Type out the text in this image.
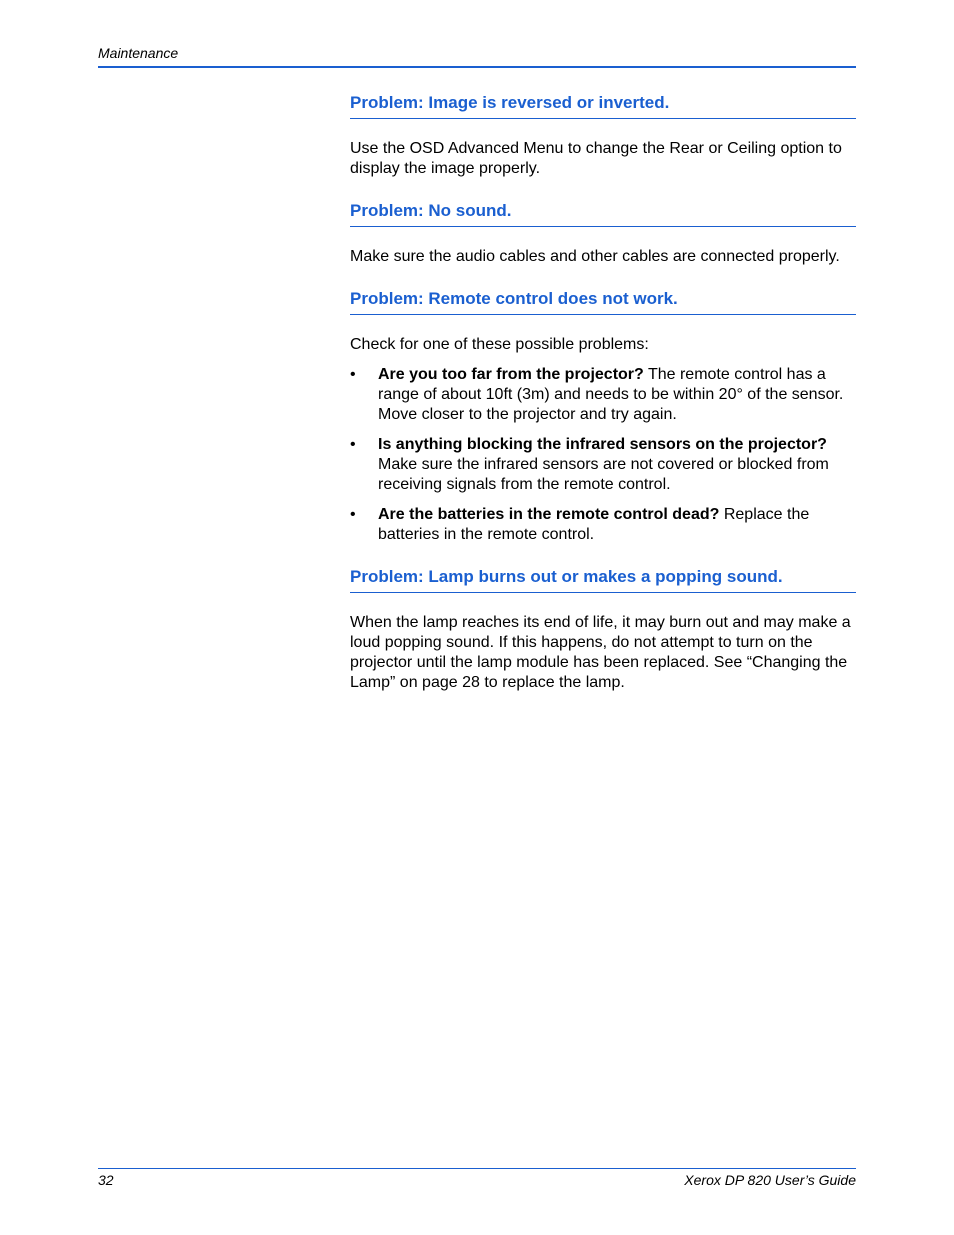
Maintenance
Problem: Image is reversed or inverted.

Use the OSD Advanced Menu to change the Rear or Ceiling option to display the image properly.

Problem: No sound.

Make sure the audio cables and other cables are connected properly.

Problem: Remote control does not work.

Check for one of these possible problems:

• Are you too far from the projector? The remote control has a range of about 10ft (3m) and needs to be within 20° of the sensor. Move closer to the projector and try again.
• Is anything blocking the infrared sensors on the projector? Make sure the infrared sensors are not covered or blocked from receiving signals from the remote control.
• Are the batteries in the remote control dead? Replace the batteries in the remote control.
Problem: Lamp burns out or makes a popping sound.

When the lamp reaches its end of life, it may burn out and may make a loud popping sound. If this happens, do not attempt to turn on the projector until the lamp module has been replaced. See “Changing the Lamp” on page 28 to replace the lamp.

32	Xerox DP 820 User’s Guide
